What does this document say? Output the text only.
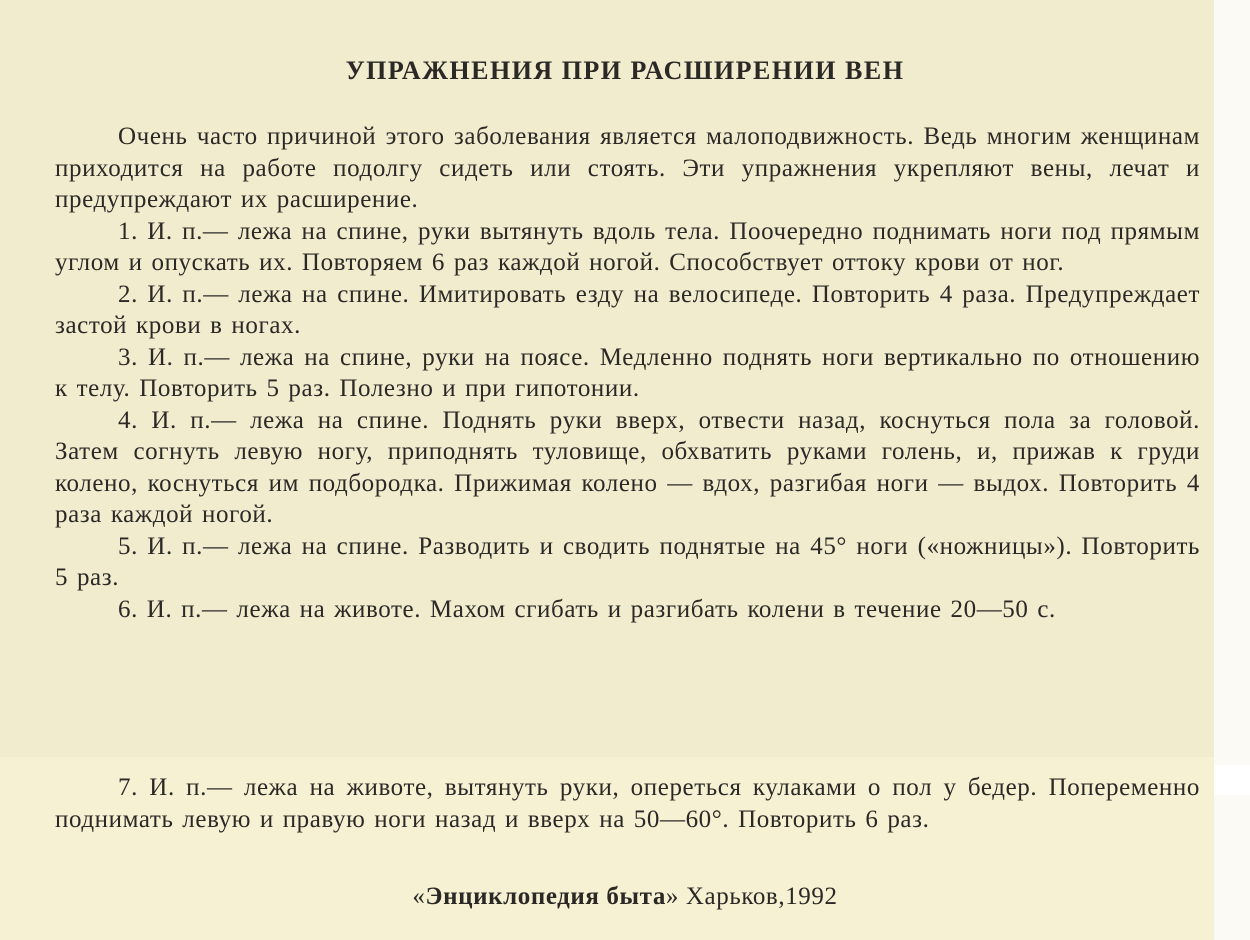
УПРАЖНЕНИЯ ПРИ РАСШИРЕНИИ ВЕН

Очень часто причиной этого заболевания является малоподвижность. Ведь многим женщинам приходится на работе подолгу сидеть или стоять. Эти упражнения укрепляют вены, лечат и предупреждают их расширение.

1. И. п.— лежа на спине, руки вытянуть вдоль тела. Поочередно поднимать ноги под прямым углом и опускать их. Повторяем 6 раз каждой ногой. Способствует оттоку крови от ног.

2. И. п.— лежа на спине. Имитировать езду на велосипеде. Повторить 4 раза. Предупреждает застой крови в ногах.

3. И. п.— лежа на спине, руки на поясе. Медленно поднять ноги вертикально по отношению к телу. Повторить 5 раз. Полезно и при гипотонии.

4. И. п.— лежа на спине. Поднять руки вверх, отвести назад, коснуться пола за головой. Затем согнуть левую ногу, приподнять туловище, обхватить руками голень, и, прижав к груди колено, коснуться им подбородка. Прижимая колено — вдох, разгибая ноги — выдох. Повторить 4 раза каждой ногой.

5. И. п.— лежа на спине. Разводить и сводить поднятые на 45° ноги («ножницы»). Повторить 5 раз.

6. И. п.— лежа на животе. Махом сгибать и разгибать колени в течение 20—50 с.

7. И. п.— лежа на животе, вытянуть руки, опереться кулаками о пол у бедер. Попеременно поднимать левую и правую ноги назад и вверх на 50—60°. Повторить 6 раз.

«Энциклопедия быта» Харьков,1992
